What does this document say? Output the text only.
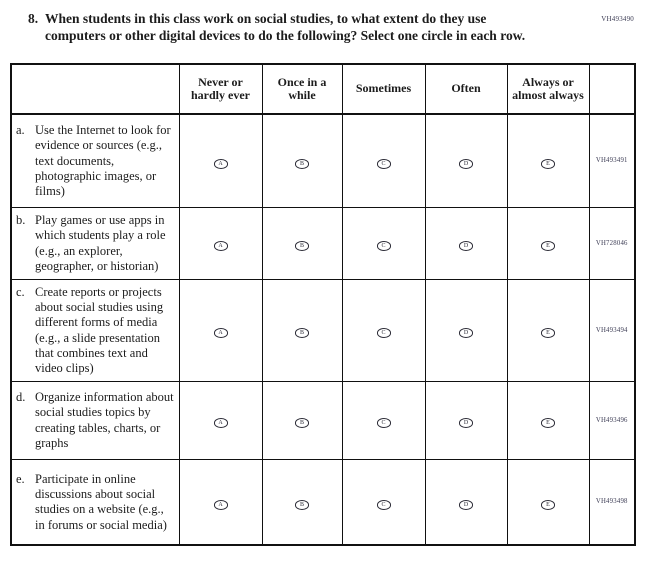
VH493490
8. When students in this class work on social studies, to what extent do they use
computers or other digital devices to do the following? Select one circle in each row.
	Never or hardly ever	Once in a while	Sometimes	Often	Always or almost always	

a. Use the Internet to look for evidence or sources (e.g., text documents, photographic images, or films)	A	B	C	D	E	VH493491

b. Play games or use apps in which students play a role (e.g., an explorer, geographer, or historian)	A	B	C	D	E	VH728046

c. Create reports or projects about social studies using different forms of media (e.g., a slide presentation that combines text and video clips)	A	B	C	D	E	VH493494

d. Organize information about social studies topics by creating tables, charts, or graphs	A	B	C	D	E	VH493496

e. Participate in online discussions about social studies on a website (e.g., in forums or social media)	A	B	C	D	E	VH493498
